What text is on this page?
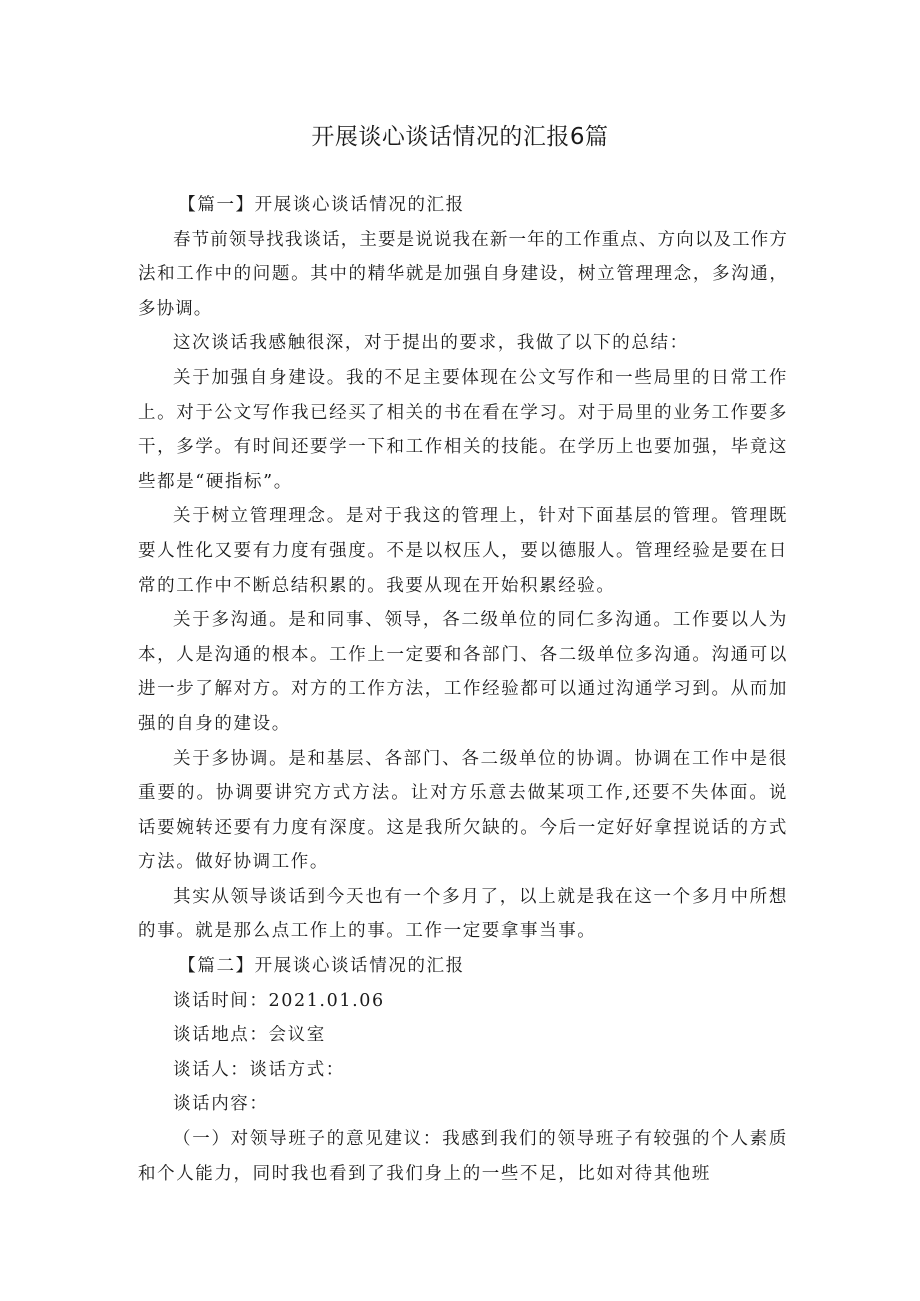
开展谈心谈话情况的汇报6篇

【篇一】开展谈心谈话情况的汇报

春节前领导找我谈话，主要是说说我在新一年的工作重点、方向以及工作方法和工作中的问题。其中的精华就是加强自身建设，树立管理理念，多沟通，多协调。

这次谈话我感触很深，对于提出的要求，我做了以下的总结：

关于加强自身建设。我的不足主要体现在公文写作和一些局里的日常工作上。对于公文写作我已经买了相关的书在看在学习。对于局里的业务工作要多干，多学。有时间还要学一下和工作相关的技能。在学历上也要加强，毕竟这些都是“硬指标”。

关于树立管理理念。是对于我这的管理上，针对下面基层的管理。管理既要人性化又要有力度有强度。不是以权压人，要以德服人。管理经验是要在日常的工作中不断总结积累的。我要从现在开始积累经验。

关于多沟通。是和同事、领导，各二级单位的同仁多沟通。工作要以人为本，人是沟通的根本。工作上一定要和各部门、各二级单位多沟通。沟通可以进一步了解对方。对方的工作方法，工作经验都可以通过沟通学习到。从而加强的自身的建设。

关于多协调。是和基层、各部门、各二级单位的协调。协调在工作中是很重要的。协调要讲究方式方法。让对方乐意去做某项工作,还要不失体面。说话要婉转还要有力度有深度。这是我所欠缺的。今后一定好好拿捏说话的方式方法。做好协调工作。

其实从领导谈话到今天也有一个多月了，以上就是我在这一个多月中所想的事。就是那么点工作上的事。工作一定要拿事当事。

【篇二】开展谈心谈话情况的汇报

谈话时间：2021.01.06

谈话地点：会议室

谈话人：谈话方式：

谈话内容：

（一）对领导班子的意见建议：我感到我们的领导班子有较强的个人素质和个人能力，同时我也看到了我们身上的一些不足，比如对待其他班
